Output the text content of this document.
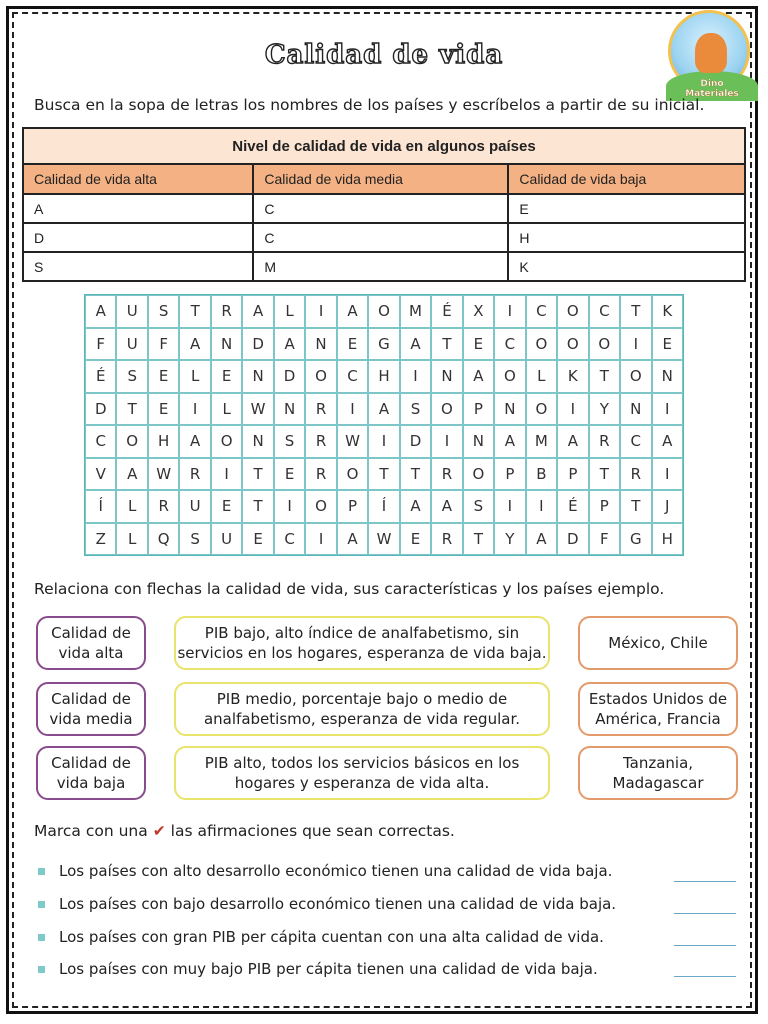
Calidad de vida
Dino Materiales
Busca en la sopa de letras los nombres de los países y escríbelos a partir de su inicial.
Nivel de calidad de vida en algunos países		
Calidad de vida alta	Calidad de vida media	Calidad de vida baja
A	C	E
D	C	H
S	M	K
A	U	S	T	R	A	L	I	A	O	M	É	X	I	C	O	C	T	K
F	U	F	A	N	D	A	N	E	G	A	T	E	C	O	O	O	I	E
É	S	E	L	E	N	D	O	C	H	I	N	A	O	L	K	T	O	N
D	T	E	I	L	W	N	R	I	A	S	O	P	N	O	I	Y	N	I
C	O	H	A	O	N	S	R	W	I	D	I	N	A	M	A	R	C	A
V	A	W	R	I	T	E	R	O	T	T	R	O	P	B	P	T	R	I
Í	L	R	U	E	T	I	O	P	Í	A	A	S	I	I	É	P	T	J
Z	L	Q	S	U	E	C	I	A	W	E	R	T	Y	A	D	F	G	H
Relaciona con flechas la calidad de vida, sus características y los países ejemplo.
Calidad de vida alta
Calidad de vida media
Calidad de vida baja
PIB bajo, alto índice de analfabetismo, sin servicios en los hogares, esperanza de vida baja.
PIB medio, porcentaje bajo o medio de analfabetismo, esperanza de vida regular.
PIB alto, todos los servicios básicos en los hogares y esperanza de vida alta.
México, Chile
Estados Unidos de América, Francia
Tanzania, Madagascar
Marca con una ✔ las afirmaciones que sean correctas.
Los países con alto desarrollo económico tienen una calidad de vida baja.
Los países con bajo desarrollo económico tienen una calidad de vida baja.
Los países con gran PIB per cápita cuentan con una alta calidad de vida.
Los países con muy bajo PIB per cápita tienen una calidad de vida baja.
